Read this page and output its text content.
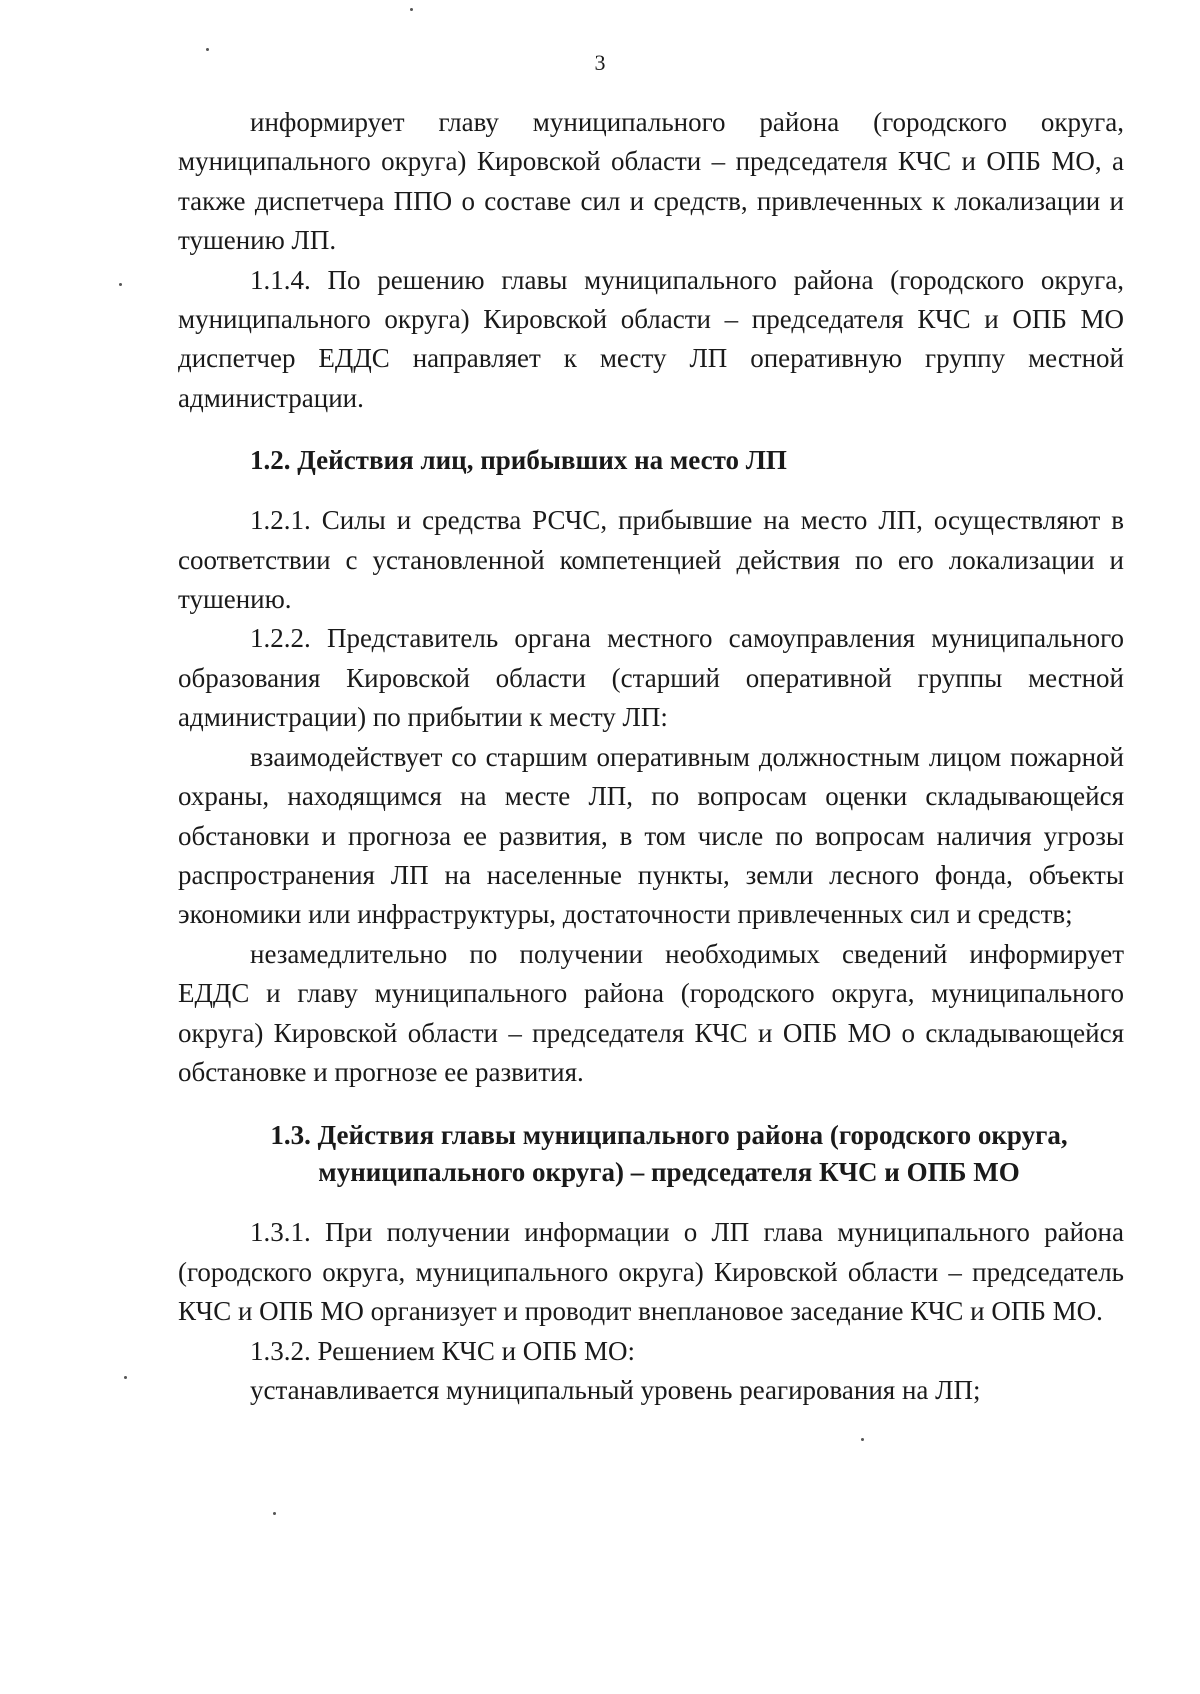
3

информирует главу муниципального района (городского округа, муниципального округа) Кировской области – председателя КЧС и ОПБ МО, а также диспетчера ППО о составе сил и средств, привлеченных к локализации и тушению ЛП.

1.1.4. По решению главы муниципального района (городского округа, муниципального округа) Кировской области – председателя КЧС и ОПБ МО диспетчер ЕДДС направляет к месту ЛП оперативную группу местной администрации.

1.2. Действия лиц, прибывших на место ЛП

1.2.1. Силы и средства РСЧС, прибывшие на место ЛП, осуществляют в соответствии с установленной компетенцией действия по его локализации и тушению.

1.2.2. Представитель органа местного самоуправления муниципального образования Кировской области (старший оперативной группы местной администрации) по прибытии к месту ЛП:

взаимодействует со старшим оперативным должностным лицом пожарной охраны, находящимся на месте ЛП, по вопросам оценки складывающейся обстановки и прогноза ее развития, в том числе по вопросам наличия угрозы распространения ЛП на населенные пункты, земли лесного фонда, объекты экономики или инфраструктуры, достаточности привлеченных сил и средств;

незамедлительно по получении необходимых сведений информирует ЕДДС и главу муниципального района (городского округа, муниципального округа) Кировской области – председателя КЧС и ОПБ МО о складывающейся обстановке и прогнозе ее развития.

1.3. Действия главы муниципального района (городского округа,
муниципального округа) – председателя КЧС и ОПБ МО

1.3.1. При получении информации о ЛП глава муниципального района (городского округа, муниципального округа) Кировской области – председатель КЧС и ОПБ МО организует и проводит внеплановое заседание КЧС и ОПБ МО.

1.3.2. Решением КЧС и ОПБ МО:

устанавливается муниципальный уровень реагирования на ЛП;
